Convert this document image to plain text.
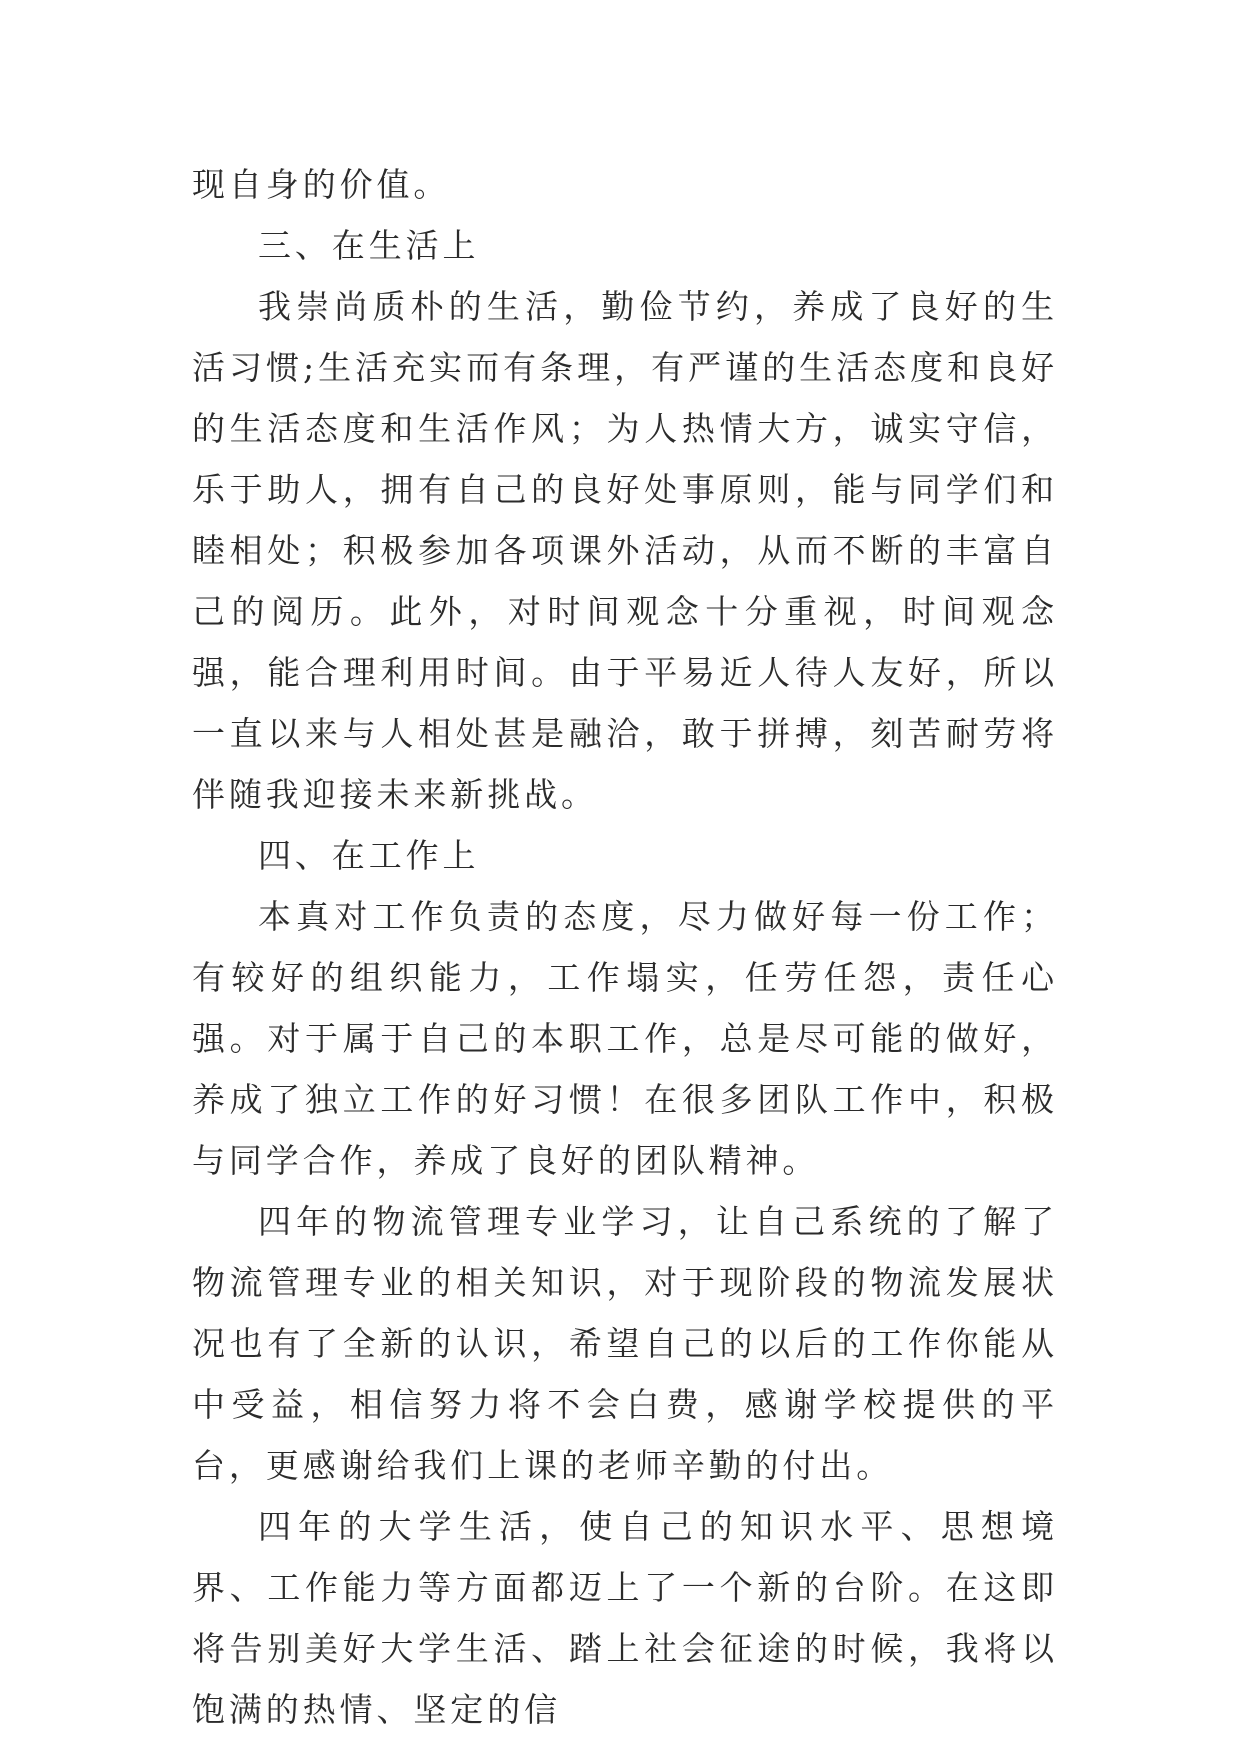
现自身的价值。

三、在生活上

我崇尚质朴的生活，勤俭节约，养成了良好的生活习惯;生活充实而有条理，有严谨的生活态度和良好的生活态度和生活作风；为人热情大方，诚实守信，乐于助人，拥有自己的良好处事原则，能与同学们和睦相处；积极参加各项课外活动，从而不断的丰富自己的阅历。此外，对时间观念十分重视，时间观念强，能合理利用时间。由于平易近人待人友好，所以一直以来与人相处甚是融洽，敢于拼搏，刻苦耐劳将伴随我迎接未来新挑战。

四、在工作上

本真对工作负责的态度，尽力做好每一份工作；有较好的组织能力，工作塌实，任劳任怨，责任心强。对于属于自己的本职工作，总是尽可能的做好，养成了独立工作的好习惯！在很多团队工作中，积极与同学合作，养成了良好的团队精神。

四年的物流管理专业学习，让自己系统的了解了物流管理专业的相关知识，对于现阶段的物流发展状况也有了全新的认识，希望自己的以后的工作你能从中受益，相信努力将不会白费，感谢学校提供的平台，更感谢给我们上课的老师辛勤的付出。

四年的大学生活，使自己的知识水平、思想境界、工作能力等方面都迈上了一个新的台阶。在这即将告别美好大学生活、踏上社会征途的时候，我将以饱满的热情、坚定的信
